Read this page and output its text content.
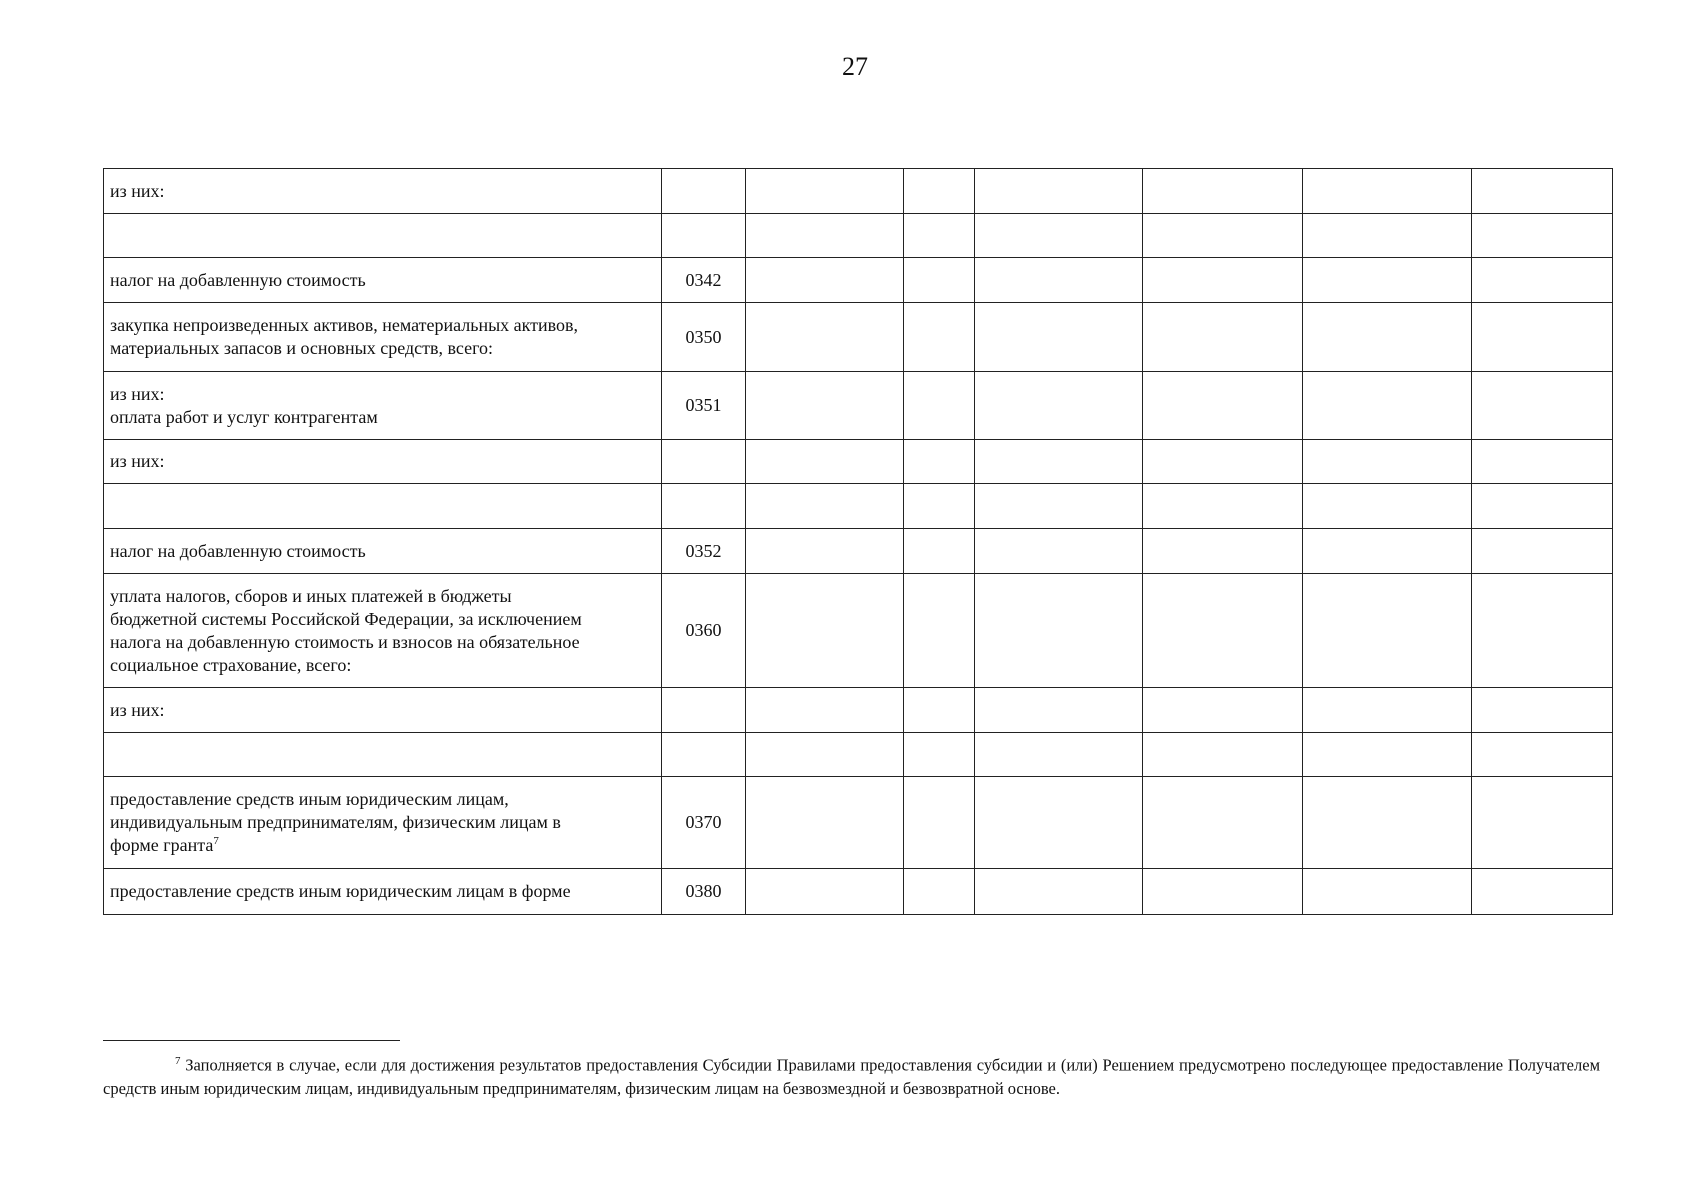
27
из них:							

налог на добавленную стоимость	0342						

закупка непроизведенных активов, нематериальных активов,
материальных запасов и основных средств, всего:	0350						

из них:
оплата работ и услуг контрагентам	0351						

из них:							

налог на добавленную стоимость	0352						

уплата налогов, сборов и иных платежей в бюджеты
бюджетной системы Российской Федерации, за исключением
налога на добавленную стоимость и взносов на обязательное
социальное страхование, всего:	0360						

из них:							

предоставление средств иным юридическим лицам,
индивидуальным предпринимателям, физическим лицам в
форме гранта$^7$	0370						

предоставление средств иным юридическим лицам в форме	0380						
$^7$ Заполняется в случае, если для достижения результатов предоставления Субсидии Правилами предоставления субсидии и (или) Решением предусмотрено последующее предоставление Получателем средств иным юридическим лицам, индивидуальным предпринимателям, физическим лицам на безвозмездной и безвозвратной основе.
